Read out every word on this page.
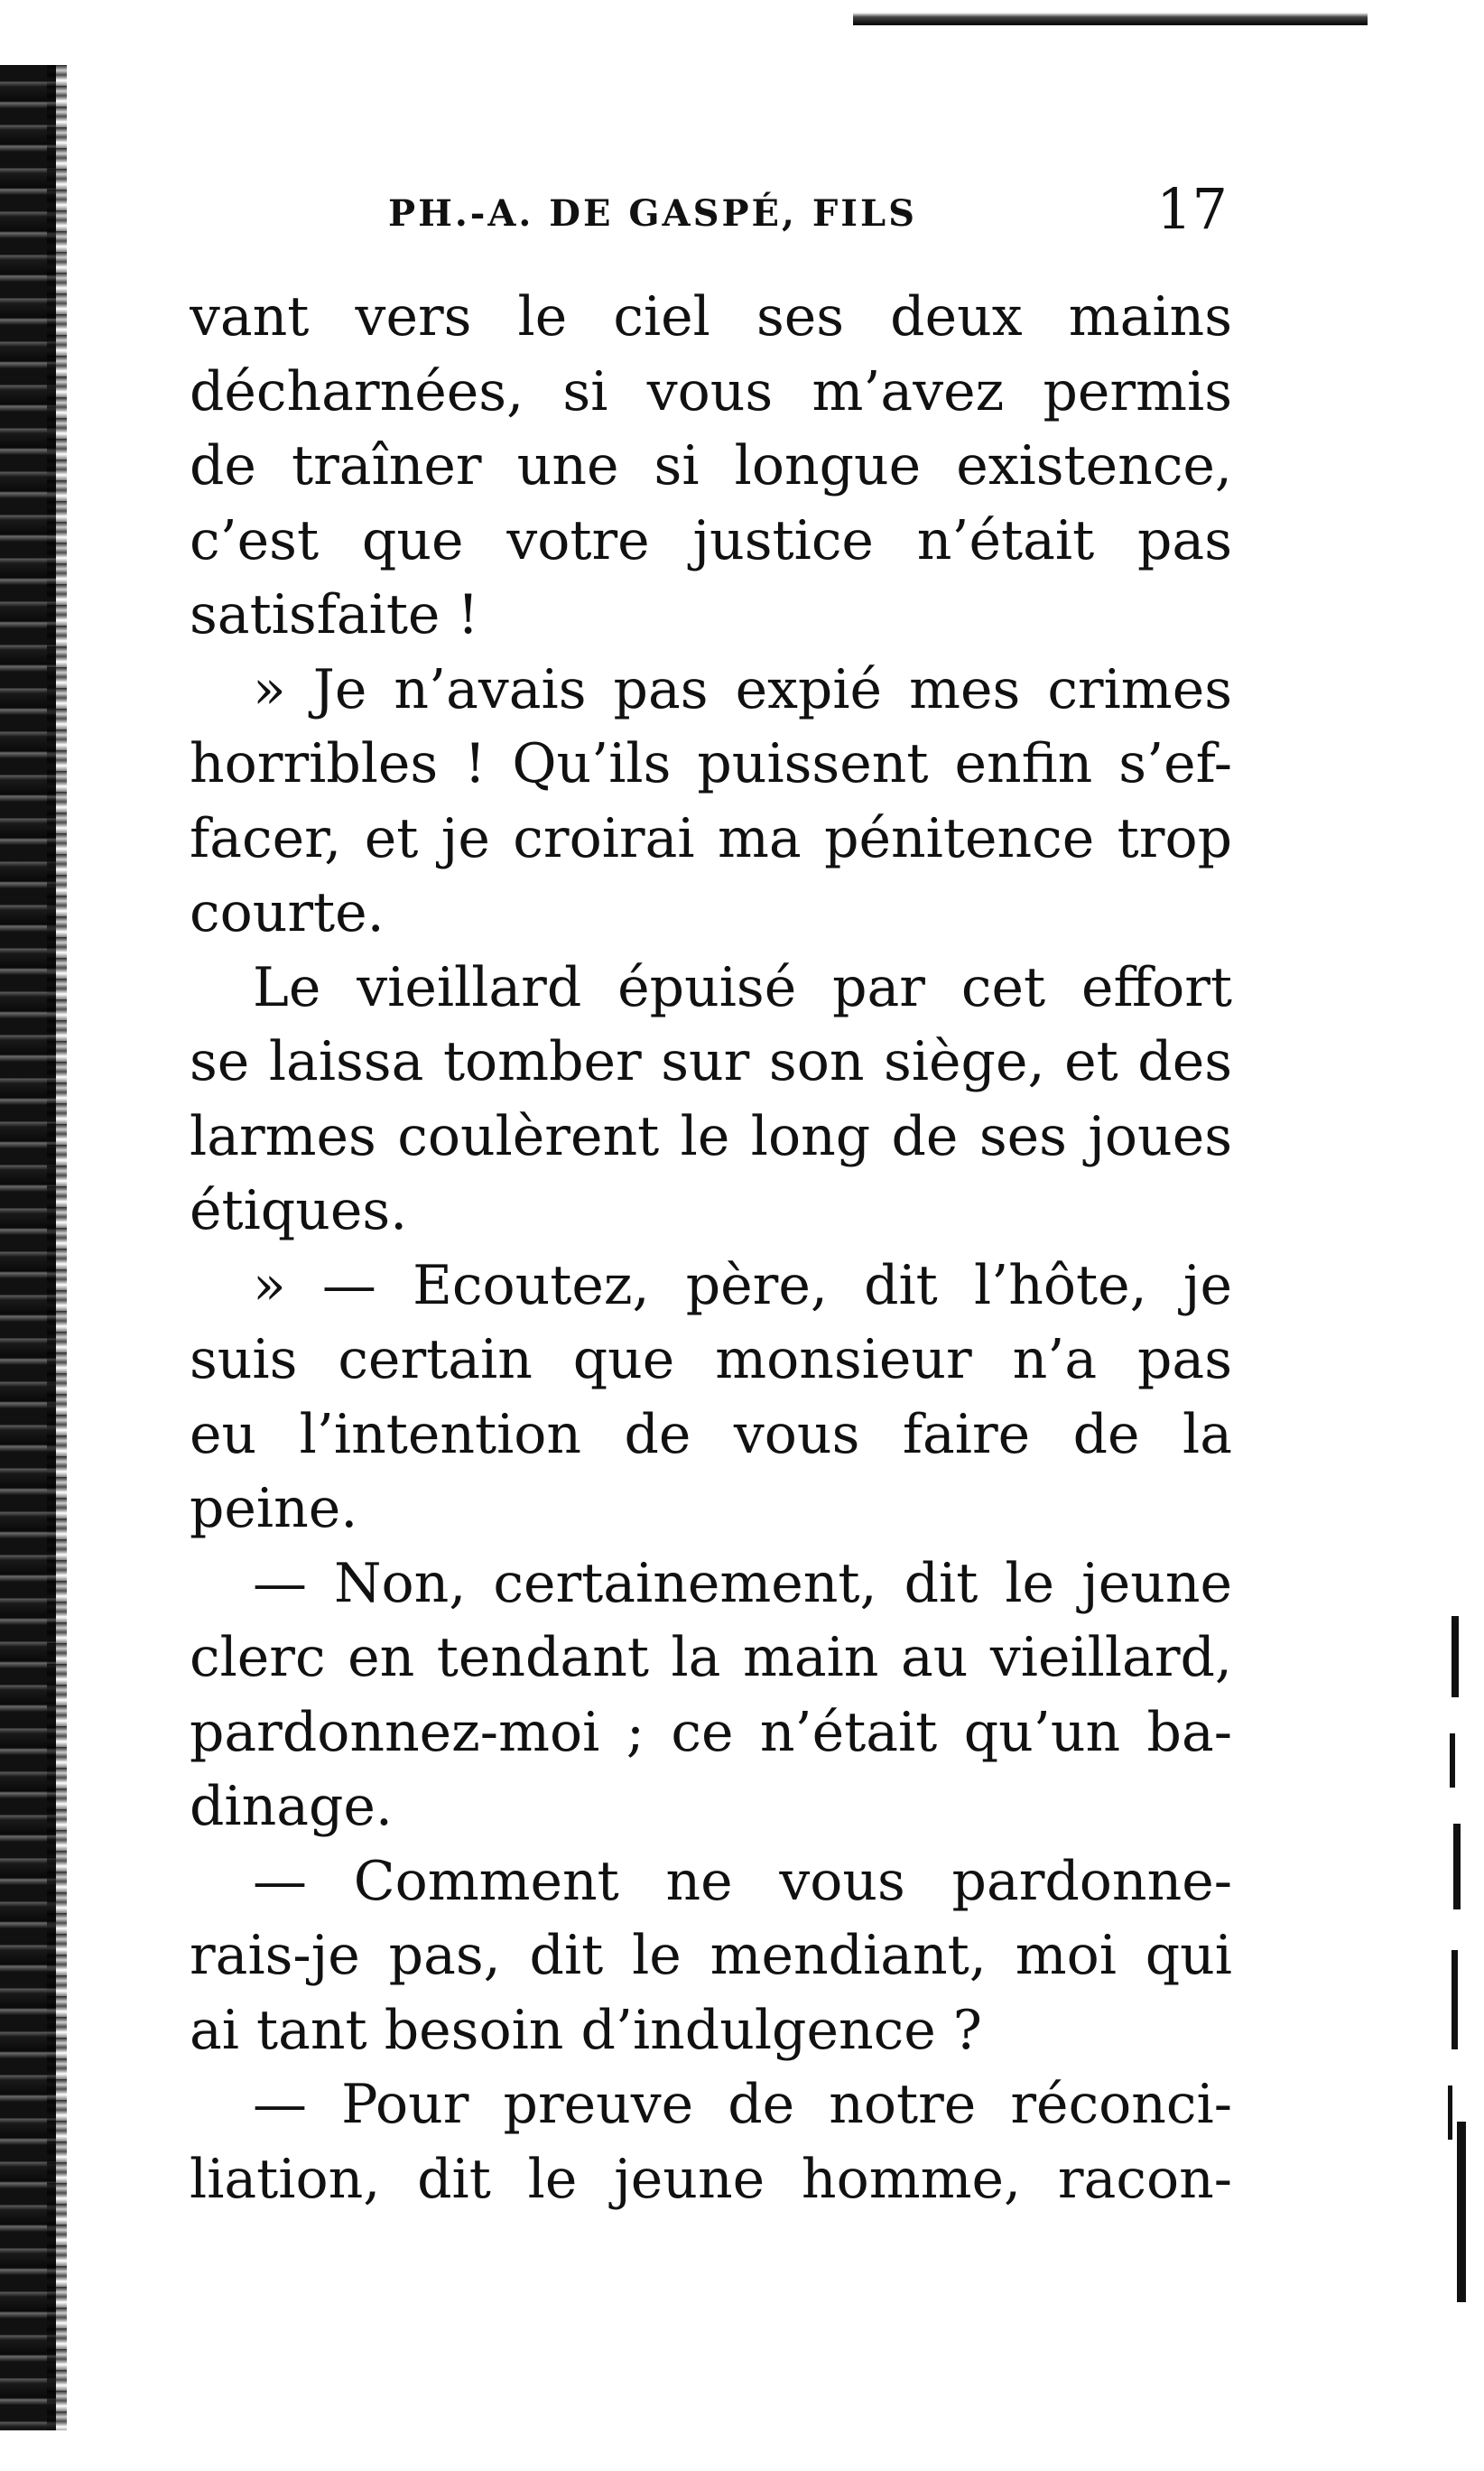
PH.-A. DE GASPÉ, FILS	17
vant vers le ciel ses deux mains
décharnées, si vous m’avez permis
de traîner une si longue existence,
c’est que votre justice n’était pas
satisfaite !
» Je n’avais pas expié mes crimes
horribles ! Qu’ils puissent enfin s’ef-
facer, et je croirai ma pénitence trop
courte.
Le vieillard épuisé par cet effort
se laissa tomber sur son siège, et des
larmes coulèrent le long de ses joues
étiques.
» — Ecoutez, père, dit l’hôte, je
suis certain que monsieur n’a pas
eu l’intention de vous faire de la
peine.
— Non, certainement, dit le jeune
clerc en tendant la main au vieillard,
pardonnez-moi ; ce n’était qu’un ba-
dinage.
— Comment ne vous pardonne-
rais-je pas, dit le mendiant, moi qui
ai tant besoin d’indulgence ?
— Pour preuve de notre réconci-
liation, dit le jeune homme, racon-
